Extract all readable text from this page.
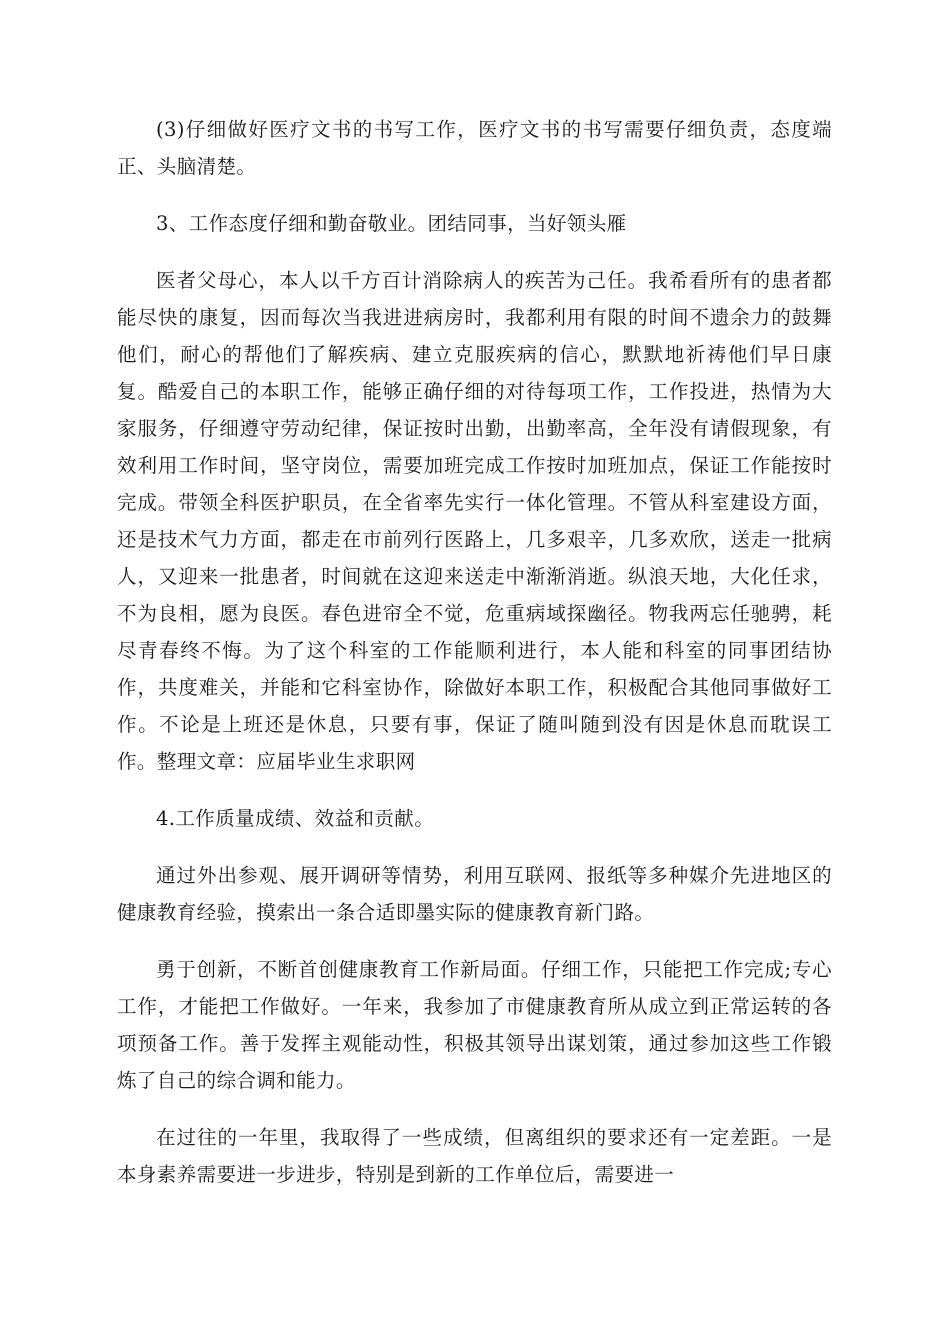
(3)仔细做好医疗文书的书写工作，医疗文书的书写需要仔细负责，态度端正、头脑清楚。

3、工作态度仔细和勤奋敬业。团结同事，当好领头雁

医者父母心，本人以千方百计消除病人的疾苦为己任。我希看所有的患者都能尽快的康复，因而每次当我进进病房时，我都利用有限的时间不遗余力的鼓舞他们，耐心的帮他们了解疾病、建立克服疾病的信心，默默地祈祷他们早日康复。酷爱自己的本职工作，能够正确仔细的对待每项工作，工作投进，热情为大家服务，仔细遵守劳动纪律，保证按时出勤，出勤率高，全年没有请假现象，有效利用工作时间，坚守岗位，需要加班完成工作按时加班加点，保证工作能按时完成。带领全科医护职员，在全省率先实行一体化管理。不管从科室建设方面，还是技术气力方面，都走在市前列行医路上，几多艰辛，几多欢欣，送走一批病人，又迎来一批患者，时间就在这迎来送走中渐渐消逝。纵浪天地，大化任求，不为良相，愿为良医。春色进帘全不觉，危重病域探幽径。物我两忘任驰骋，耗尽青春终不悔。为了这个科室的工作能顺利进行，本人能和科室的同事团结协作，共度难关，并能和它科室协作，除做好本职工作，积极配合其他同事做好工作。不论是上班还是休息，只要有事，保证了随叫随到没有因是休息而耽误工作。整理文章：应届毕业生求职网

4.工作质量成绩、效益和贡献。

通过外出参观、展开调研等情势，利用互联网、报纸等多种媒介先进地区的健康教育经验，摸索出一条合适即墨实际的健康教育新门路。

勇于创新，不断首创健康教育工作新局面。仔细工作，只能把工作完成;专心工作，才能把工作做好。一年来，我参加了市健康教育所从成立到正常运转的各项预备工作。善于发挥主观能动性，积极其领导出谋划策，通过参加这些工作锻炼了自己的综合调和能力。

在过往的一年里，我取得了一些成绩，但离组织的要求还有一定差距。一是本身素养需要进一步进步，特别是到新的工作单位后，需要进一
